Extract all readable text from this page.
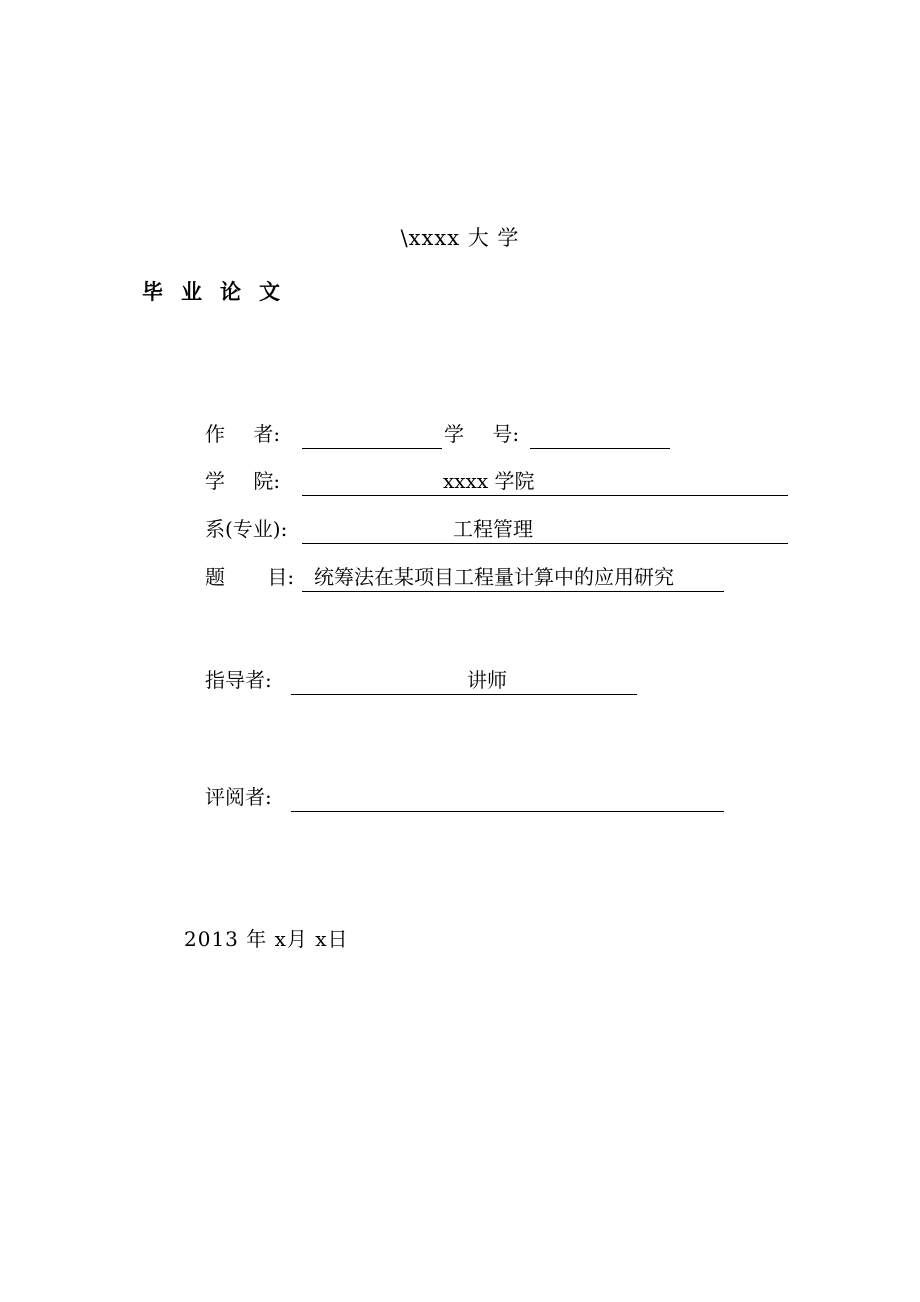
\xxxx 大 学
毕业论文
作 者:	学 号:
学 院:	xxxx 学院
系(专业):	工程管理
题 目: 统筹法在某项目工程量计算中的应用研究
指导者:	讲师
评阅者:
2013 年 x月 x日
